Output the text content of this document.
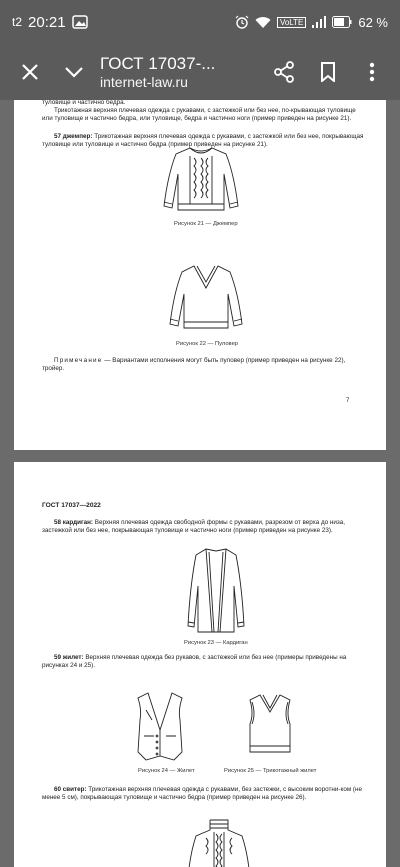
t2 20:21	VoLTE	62 %
ГОСТ 17037-...
internet-law.ru
туловище и частично бедра.
Трикотажная верхняя плечевая одежда с рукавами, с застежкой или без нее, по-крывающая туловище или туловище и частично бедра, или туловище, бедра и частично ноги (пример приведен на рисунке 21).
57 джемпер: Трикотажная верхняя плечевая одежда с рукавами, с застежкой или без нее, покрывающая туловище или туловище и частично бедра (пример приведен на рисунке 21).
Рисунок 21 — Джемпер
Рисунок 22 — Пуловер
Примечание — Вариантами исполнения могут быть пуловер (пример приведен на рисунке 22), тройер.
7
ГОСТ 17037—2022
58 кардиган: Верхняя плечевая одежда свободной формы с рукавами, разрезом от верха до низа, застежкой или без нее, покрывающая туловище и частично ноги (пример приведен на рисунке 23).
Рисунок 23 — Кардиган
59 жилет: Верхняя плечевая одежда без рукавов, с застежкой или без нее (примеры приведены на рисунках 24 и 25).
Рисунок 24 — Жилет	Рисунок 25 — Трикотажный жилет
60 свитер: Трикотажная верхняя плечевая одежда с рукавами, без застежки, с высоким воротни-ком (не менее 5 см), покрывающая туловище и частично бедра (пример приведен на рисунке 26).
